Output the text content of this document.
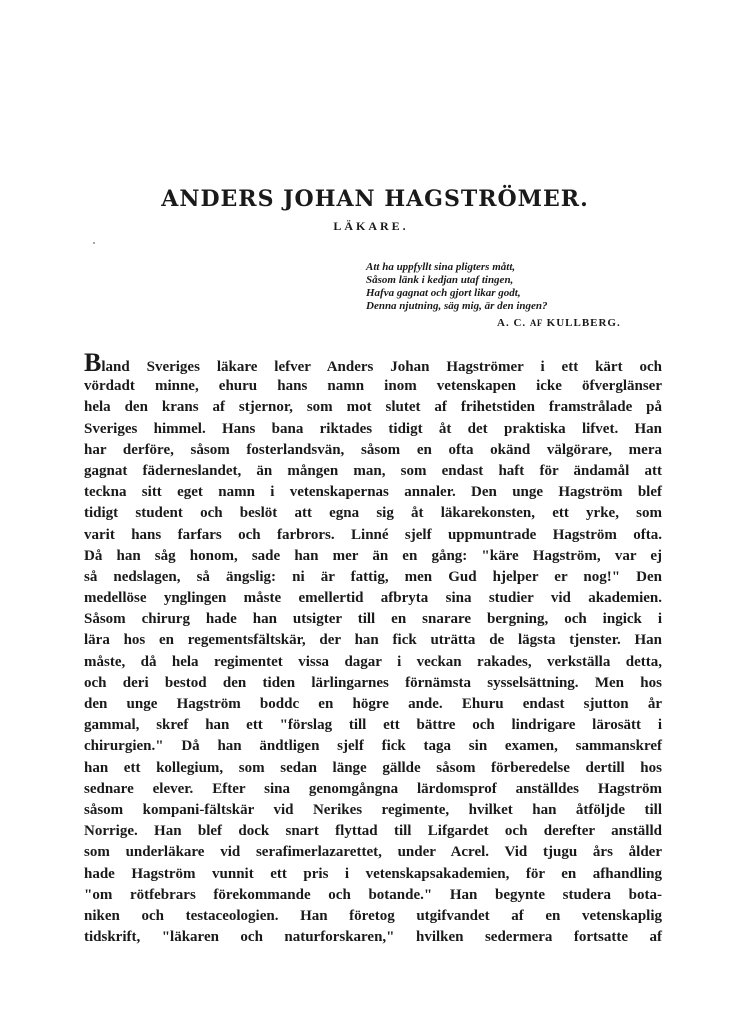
ANDERS JOHAN HAGSTRÖMER.
LÄKARE.
Att ha uppfyllt sina pligters mått,
Såsom länk i kedjan utaf tingen,
Hafva gagnat och gjort likar godt,
Denna njutning, säg mig, är den ingen?
A. C. AF KULLBERG.
Bland Sveriges läkare lefver Anders Johan Hagströmer i ett kärt och
vördadt minne, ehuru hans namn inom vetenskapen icke öfverglänser
hela den krans af stjernor, som mot slutet af frihetstiden framstrålade på
Sveriges himmel. Hans bana riktades tidigt åt det praktiska lifvet. Han
har derföre, såsom fosterlandsvän, såsom en ofta okänd välgörare, mera
gagnat fäderneslandet, än mången man, som endast haft för ändamål att
teckna sitt eget namn i vetenskapernas annaler. Den unge Hagström blef
tidigt student och beslöt att egna sig åt läkarekonsten, ett yrke, som
varit hans farfars och farbrors. Linné sjelf uppmuntrade Hagström ofta.
Då han såg honom, sade han mer än en gång: "käre Hagström, var ej
så nedslagen, så ängslig: ni är fattig, men Gud hjelper er nog!" Den
medellöse ynglingen måste emellertid afbryta sina studier vid akademien.
Såsom chirurg hade han utsigter till en snarare bergning, och ingick i
lära hos en regementsfältskär, der han fick uträtta de lägsta tjenster. Han
måste, då hela regimentet vissa dagar i veckan rakades, verkställa detta,
och deri bestod den tiden lärlingarnes förnämsta sysselsättning. Men hos
den unge Hagström boddc en högre ande. Ehuru endast sjutton år
gammal, skref han ett "förslag till ett bättre och lindrigare lärosätt i
chirurgien." Då han ändtligen sjelf fick taga sin examen, sammanskref
han ett kollegium, som sedan länge gällde såsom förberedelse dertill hos
sednare elever. Efter sina genomgångna lärdomsprof anställdes Hagström
såsom kompani-fältskär vid Nerikes regimente, hvilket han åtföljde till
Norrige. Han blef dock snart flyttad till Lifgardet och derefter anställd
som underläkare vid serafimerlazarettet, under Acrel. Vid tjugu års ålder
hade Hagström vunnit ett pris i vetenskapsakademien, för en afhandling
"om rötfebrars förekommande och botande." Han begynte studera bota-
niken och testaceologien. Han företog utgifvandet af en vetenskaplig
tidskrift, "läkaren och naturforskaren," hvilken sedermera fortsatte af
